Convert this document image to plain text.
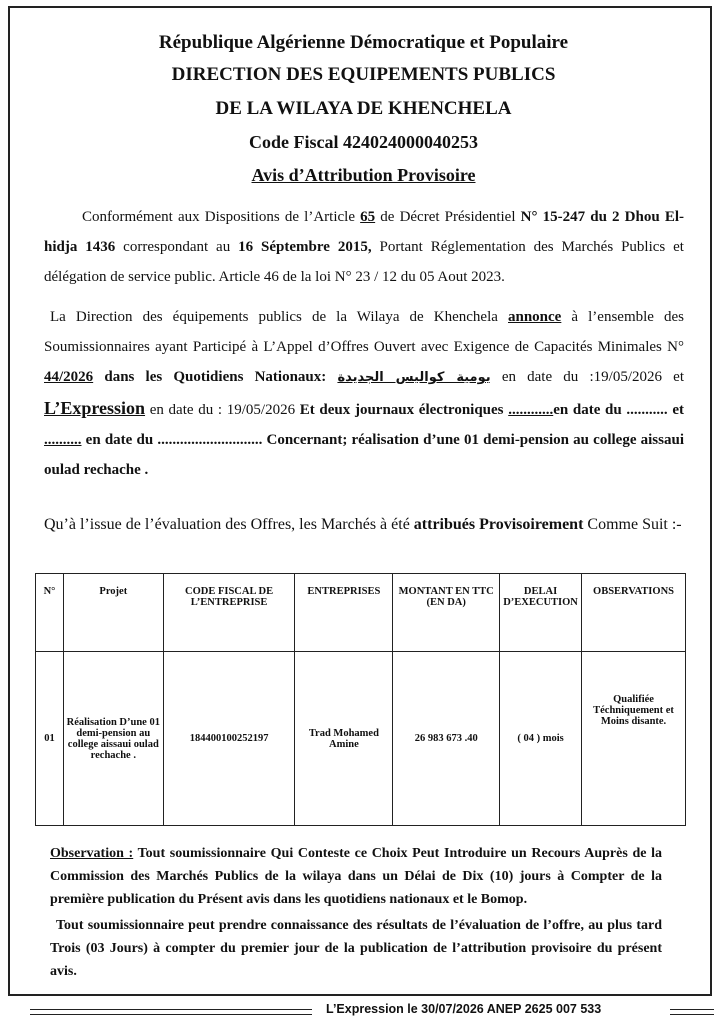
République Algérienne Démocratique et Populaire
DIRECTION DES EQUIPEMENTS PUBLICS
DE LA WILAYA DE KHENCHELA
Code Fiscal 424024000040253
Avis d’Attribution Provisoire
Conformément aux Dispositions de l’Article 65 de Décret Présidentiel N° 15-247 du 2 Dhou El-hidja 1436 correspondant au 16 Séptembre 2015, Portant Réglementation des Marchés Publics et délégation de service public. Article 46 de la loi N° 23 / 12 du 05 Aout 2023.
La Direction des équipements publics de la Wilaya de Khenchela annonce à l’ensemble des Soumissionnaires ayant Participé à L’Appel d’Offres Ouvert avec Exigence de Capacités Minimales N° 44/2026 dans les Quotidiens Nationaux: يومية كواليس الجديدة en date du :19/05/2026 et L’Expression en date du : 19/05/2026 Et deux journaux électroniques ............en date du ........... et .......... en date du ............................ Concernant; réalisation d’une 01 demi-pension au college aissaui oulad rechache .
Qu’à l’issue de l’évaluation des Offres, les Marchés à été attribués Provisoirement Comme Suit :-
N°	Projet	CODE FISCAL DE L’ENTREPRISE	ENTREPRISES	MONTANT EN TTC (EN DA)	DELAI D’EXECUTION	OBSERVATIONS
01	Réalisation D’une 01 demi-pension au college aissaui oulad rechache .	184400100252197	Trad Mohamed Amine	26 983 673 .40	( 04 ) mois	Qualifiée Téchniquement et Moins disante.
Observation : Tout soumissionnaire Qui Conteste ce Choix Peut Introduire un Recours Auprès de la Commission des Marchés Publics de la wilaya dans un Délai de Dix (10) jours à Compter de la première publication du Présent avis dans les quotidiens nationaux et le Bomop.
Tout soumissionnaire peut prendre connaissance des résultats de l’évaluation de l’offre, au plus tard Trois (03 Jours) à compter du premier jour de la publication de l’attribution provisoire du présent avis.
L’Expression le 30/07/2026 ANEP 2625 007 533
